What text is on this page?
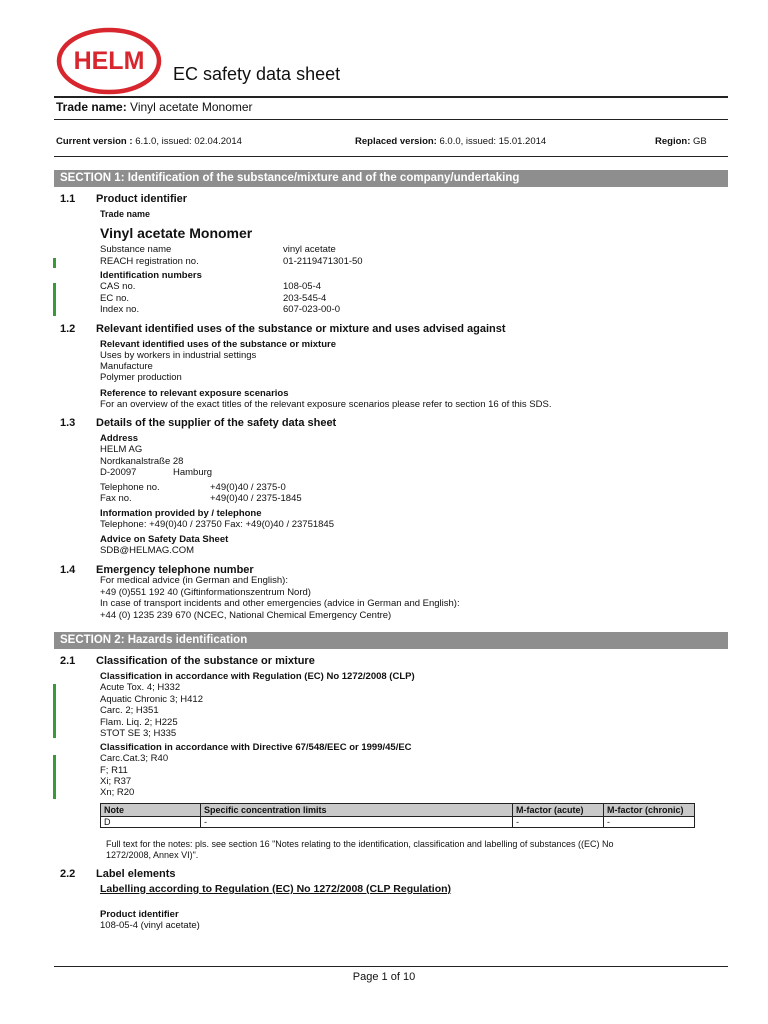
HELM EC safety data sheet
Trade name: Vinyl acetate Monomer
Current version : 6.1.0, issued: 02.04.2014	Replaced version: 6.0.0, issued: 15.01.2014	Region: GB
SECTION 1: Identification of the substance/mixture and of the company/undertaking
1.1 Product identifier
Trade name
Vinyl acetate Monomer
Substance name	vinyl acetate
REACH registration no.	01-2119471301-50
Identification numbers
CAS no.	108-05-4
EC no.	203-545-4
Index no.	607-023-00-0
1.2 Relevant identified uses of the substance or mixture and uses advised against
Relevant identified uses of the substance or mixture
Uses by workers in industrial settings
Manufacture
Polymer production
Reference to relevant exposure scenarios
For an overview of the exact titles of the relevant exposure scenarios please refer to section 16 of this SDS.
1.3 Details of the supplier of the safety data sheet
Address
HELM AG
Nordkanalstraße 28
D-20097	Hamburg
Telephone no.	+49(0)40 / 2375-0
Fax no.	+49(0)40 / 2375-1845
Information provided by / telephone
Telephone: +49(0)40 / 23750 Fax: +49(0)40 / 23751845
Advice on Safety Data Sheet
SDB@HELMAG.COM
1.4 Emergency telephone number
For medical advice (in German and English):
+49 (0)551 192 40 (Giftinformationszentrum Nord)
In case of transport incidents and other emergencies (advice in German and English):
+44 (0) 1235 239 670 (NCEC, National Chemical Emergency Centre)
SECTION 2: Hazards identification
2.1 Classification of the substance or mixture
Classification in accordance with Regulation (EC) No 1272/2008 (CLP)
Acute Tox. 4; H332
Aquatic Chronic 3; H412
Carc. 2; H351
Flam. Liq. 2; H225
STOT SE 3; H335
Classification in accordance with Directive 67/548/EEC or 1999/45/EC
Carc.Cat.3; R40
F; R11
Xi; R37
Xn; R20
Note	Specific concentration limits	M-factor (acute)	M-factor (chronic)
D	-	-	-
Full text for the notes: pls. see section 16 "Notes relating to the identification, classification and labelling of substances ((EC) No
1272/2008, Annex VI)".
2.2 Label elements
Labelling according to Regulation (EC) No 1272/2008 (CLP Regulation)
Product identifier
108-05-4 (vinyl acetate)
Page 1 of 10
